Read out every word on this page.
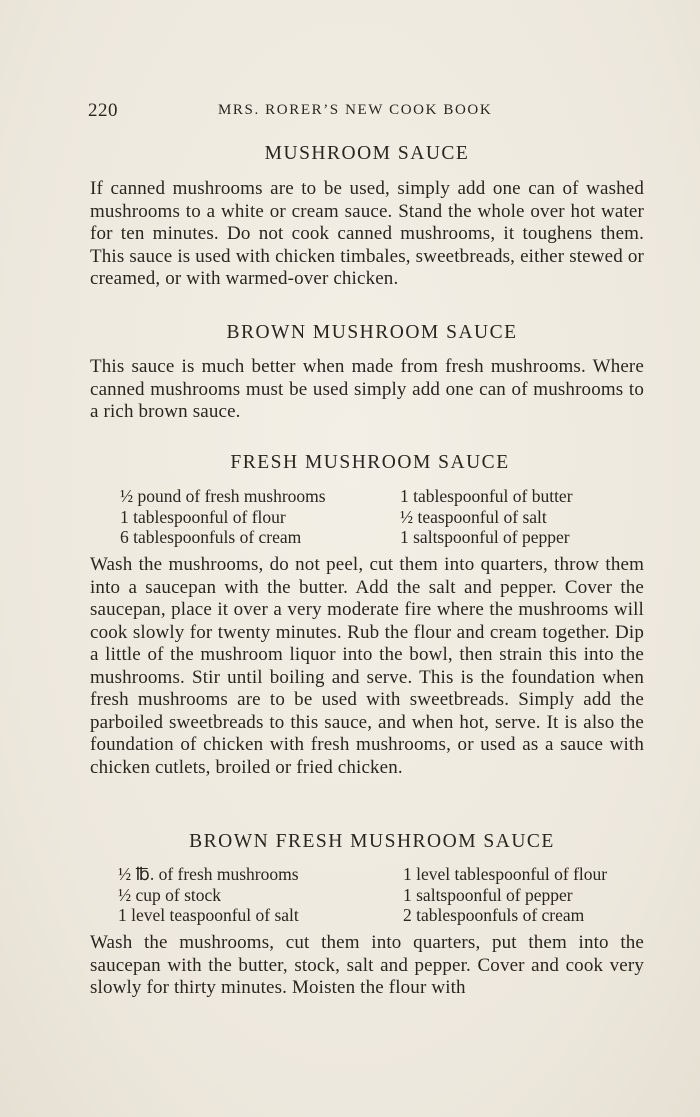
220	MRS. RORER’S NEW COOK BOOK
MUSHROOM SAUCE

If canned mushrooms are to be used, simply add one can of washed mushrooms to a white or cream sauce. Stand the whole over hot water for ten minutes. Do not cook canned mushrooms, it toughens them. This sauce is used with chicken timbales, sweetbreads, either stewed or creamed, or with warmed-over chicken.

BROWN MUSHROOM SAUCE

This sauce is much better when made from fresh mushrooms. Where canned mushrooms must be used simply add one can of mushrooms to a rich brown sauce.

FRESH MUSHROOM SAUCE
½ pound of fresh mushrooms
1 tablespoonful of flour
6 tablespoonfuls of cream
1 tablespoonful of butter
½ teaspoonful of salt
1 saltspoonful of pepper

Wash the mushrooms, do not peel, cut them into quarters, throw them into a saucepan with the butter. Add the salt and pepper. Cover the saucepan, place it over a very moderate fire where the mushrooms will cook slowly for twenty minutes. Rub the flour and cream together. Dip a little of the mushroom liquor into the bowl, then strain this into the mushrooms. Stir until boiling and serve. This is the foundation when fresh mushrooms are to be used with sweetbreads. Simply add the parboiled sweetbreads to this sauce, and when hot, serve. It is also the foundation of chicken with fresh mushrooms, or used as a sauce with chicken cutlets, broiled or fried chicken.

BROWN FRESH MUSHROOM SAUCE
½ ℔. of fresh mushrooms
½ cup of stock
1 level teaspoonful of salt
1 level tablespoonful of flour
1 saltspoonful of pepper
2 tablespoonfuls of cream

Wash the mushrooms, cut them into quarters, put them into the saucepan with the butter, stock, salt and pepper. Cover and cook very slowly for thirty minutes. Moisten the flour with
